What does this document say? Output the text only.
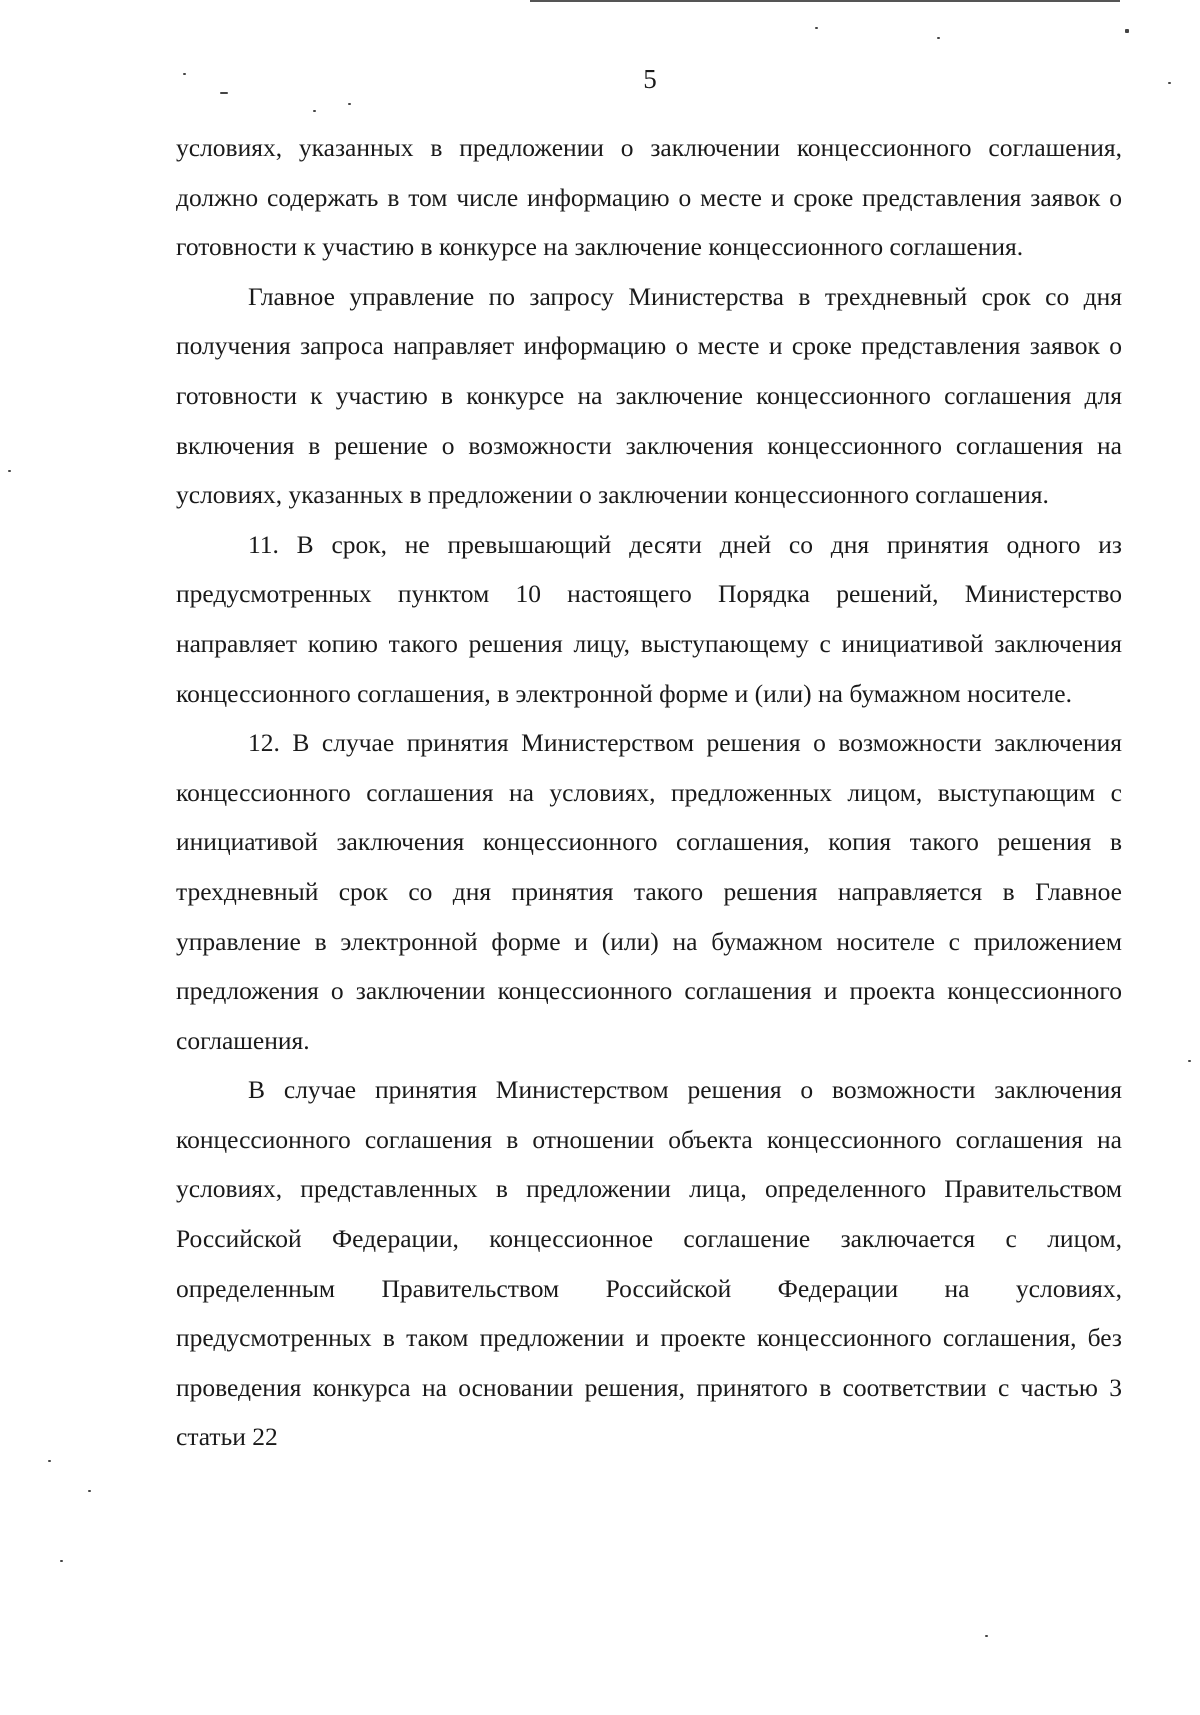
5

условиях, указанных в предложении о заключении концессионного соглашения, должно содержать в том числе информацию о месте и сроке представления заявок о готовности к участию в конкурсе на заключение концессионного соглашения.

Главное управление по запросу Министерства в трехдневный срок со дня получения запроса направляет информацию о месте и сроке представления заявок о готовности к участию в конкурсе на заключение концессионного соглашения для включения в решение о возможности заключения концессионного соглашения на условиях, указанных в предложении о заключении концессионного соглашения.

11. В срок, не превышающий десяти дней со дня принятия одного из предусмотренных пунктом 10 настоящего Порядка решений, Министерство направляет копию такого решения лицу, выступающему с инициативой заключения концессионного соглашения, в электронной форме и (или) на бумажном носителе.

12. В случае принятия Министерством решения о возможности заключения концессионного соглашения на условиях, предложенных лицом, выступающим с инициативой заключения концессионного соглашения, копия такого решения в трехдневный срок со дня принятия такого решения направляется в Главное управление в электронной форме и (или) на бумажном носителе с приложением предложения о заключении концессионного соглашения и проекта концессионного соглашения.

В случае принятия Министерством решения о возможности заключения концессионного соглашения в отношении объекта концессионного соглашения на условиях, представленных в предложении лица, определенного Правительством Российской Федерации, концессионное соглашение заключается с лицом, определенным Правительством Российской Федерации на условиях, предусмотренных в таком предложении и проекте концессионного соглашения, без проведения конкурса на основании решения, принятого в соответствии с частью 3 статьи 22
